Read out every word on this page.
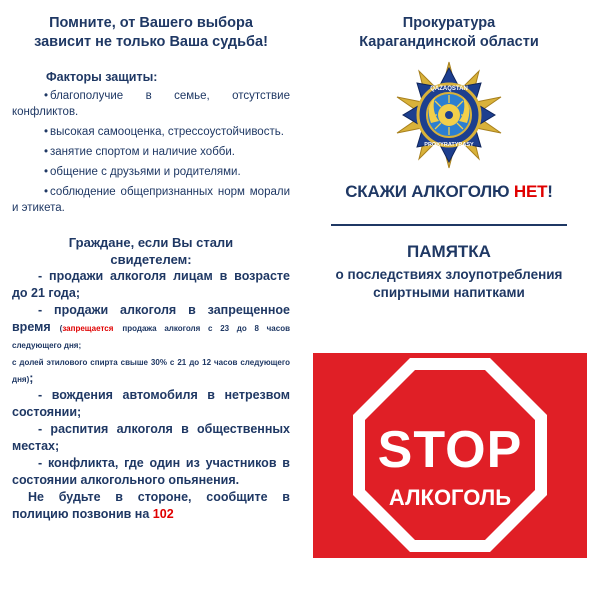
Помните, от Вашего выбора
зависит не только Ваша судьба!
Факторы защиты:
• благополучие в семье, отсутствие конфликтов.
• высокая самооценка, стрессоустойчивость.
• занятие спортом и наличие хобби.
• общение с друзьями и родителями.
• соблюдение общепризнанных норм морали и этикета.
Граждане, если Вы стали
свидетелем:
- продажи алкоголя лицам в возрасте до 21 года;
- продажи алкоголя в запрещенное время (запрещается продажа алкоголя с 23 до 8 часов следующего дня;
с долей этилового спирта свыше 30% с 21 до 12 часов следующего дня);
- вождения автомобиля в нетрезвом состоянии;
- распития алкоголя в общественных местах;
- конфликта, где один из участников в состоянии алкогольного опьянения.
Не будьте в стороне, сообщите в полицию позвонив на 102
Прокуратура
Карагандинской области
QAZAQSTAN
PROKYRATYRASY
СКАЖИ АЛКОГОЛЮ НЕТ!
ПАМЯТКА
о последствиях злоупотребления
спиртными напитками
STOP
АЛКОГОЛЬ
